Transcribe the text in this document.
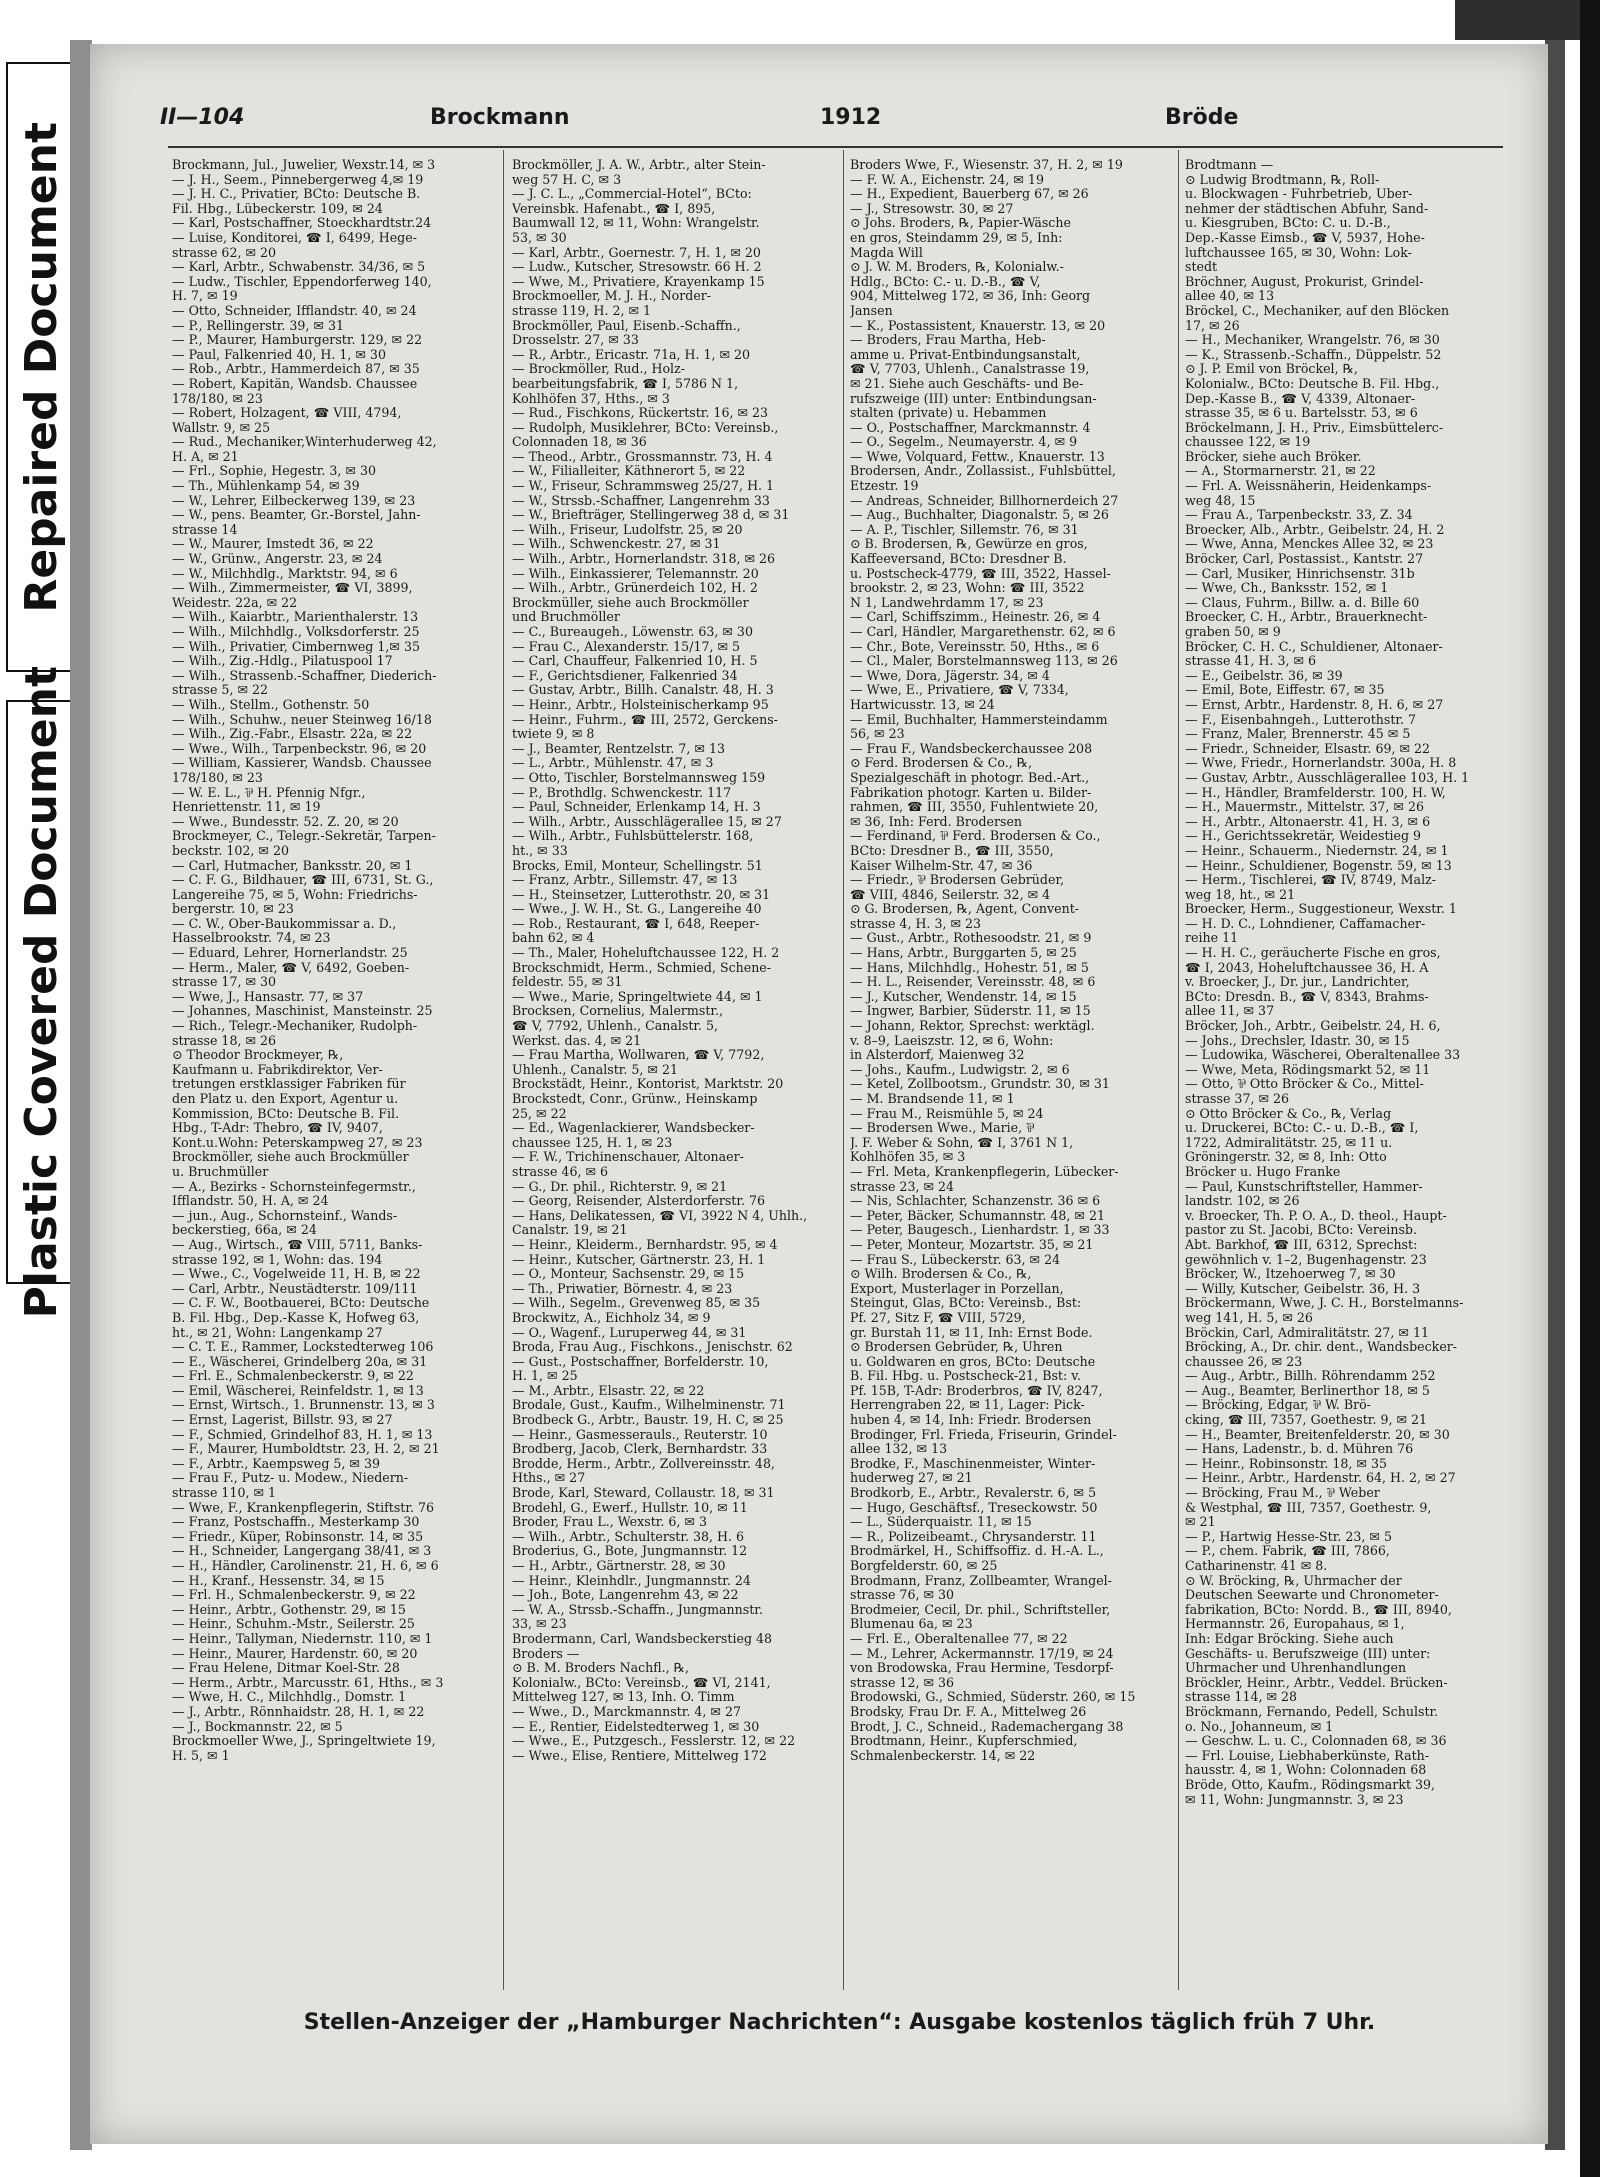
Repaired Document
Plastic Covered Document
II—104	Brockmann	1912	Bröde
Brockmann, Jul., Juwelier, Wexstr.14, ✉ 3
— J. H., Seem., Pinnebergerweg 4,✉ 19
— J. H. C., Privatier, BCto: Deutsche B.
Fil. Hbg., Lübeckerstr. 109, ✉ 24
— Karl, Postschaffner, Stoeckhardtstr.24
— Luise, Konditorei, ☎ I, 6499, Hege-
strasse 62, ✉ 20
— Karl, Arbtr., Schwabenstr. 34/36, ✉ 5
— Ludw., Tischler, Eppendorferweg 140,
H. 7, ✉ 19
— Otto, Schneider, Ifflandstr. 40, ✉ 24
— P., Rellingerstr. 39, ✉ 31
— P., Maurer, Hamburgerstr. 129, ✉ 22
— Paul, Falkenried 40, H. 1, ✉ 30
— Rob., Arbtr., Hammerdeich 87, ✉ 35
— Robert, Kapitän, Wandsb. Chaussee
178/180, ✉ 23
— Robert, Holzagent, ☎ VIII, 4794,
Wallstr. 9, ✉ 25
— Rud., Mechaniker,Winterhuderweg 42,
H. A, ✉ 21
— Frl., Sophie, Hegestr. 3, ✉ 30
— Th., Mühlenkamp 54, ✉ 39
— W., Lehrer, Eilbeckerweg 139, ✉ 23
— W., pens. Beamter, Gr.-Borstel, Jahn-
strasse 14
— W., Maurer, Imstedt 36, ✉ 22
— W., Grünw., Angerstr. 23, ✉ 24
— W., Milchhdlg., Marktstr. 94, ✉ 6
— Wilh., Zimmermeister, ☎ VI, 3899,
Weidestr. 22a, ✉ 22
— Wilh., Kaiarbtr., Marienthalerstr. 13
— Wilh., Milchhdlg., Volksdorferstr. 25
— Wilh., Privatier, Cimbernweg 1,✉ 35
— Wilh., Zig.-Hdlg., Pilatuspool 17
— Wilh., Strassenb.-Schaffner, Diederich-
strasse 5, ✉ 22
— Wilh., Stellm., Gothenstr. 50
— Wilh., Schuhw., neuer Steinweg 16/18
— Wilh., Zig.-Fabr., Elsastr. 22a, ✉ 22
— Wwe., Wilh., Tarpenbeckstr. 96, ✉ 20
— William, Kassierer, Wandsb. Chaussee
178/180, ✉ 23
— W. E. L., ⅌ H. Pfennig Nfgr.,
Henriettenstr. 11, ✉ 19
— Wwe., Bundesstr. 52. Z. 20, ✉ 20
Brockmeyer, C., Telegr.-Sekretär, Tarpen-
beckstr. 102, ✉ 20
— Carl, Hutmacher, Banksstr. 20, ✉ 1
— C. F. G., Bildhauer, ☎ III, 6731, St. G.,
Langereihe 75, ✉ 5, Wohn: Friedrichs-
bergerstr. 10, ✉ 23
— C. W., Ober-Baukommissar a. D.,
Hasselbrookstr. 74, ✉ 23
— Eduard, Lehrer, Hornerlandstr. 25
— Herm., Maler, ☎ V, 6492, Goeben-
strasse 17, ✉ 30
— Wwe, J., Hansastr. 77, ✉ 37
— Johannes, Maschinist, Mansteinstr. 25
— Rich., Telegr.-Mechaniker, Rudolph-
strasse 18, ✉ 26
⊙ Theodor Brockmeyer, ℞,
Kaufmann u. Fabrikdirektor, Ver-
tretungen erstklassiger Fabriken für
den Platz u. den Export, Agentur u.
Kommission, BCto: Deutsche B. Fil.
Hbg., T-Adr: Thebro, ☎ IV, 9407,
Kont.u.Wohn: Peterskampweg 27, ✉ 23
Brockmöller, siehe auch Brockmüller
u. Bruchmüller
— A., Bezirks - Schornsteinfegermstr.,
Ifflandstr. 50, H. A, ✉ 24
— jun., Aug., Schornsteinf., Wands-
beckerstieg, 66a, ✉ 24
— Aug., Wirtsch., ☎ VIII, 5711, Banks-
strasse 192, ✉ 1, Wohn: das. 194
— Wwe., C., Vogelweide 11, H. B, ✉ 22
— Carl, Arbtr., Neustädterstr. 109/111
— C. F. W., Bootbauerei, BCto: Deutsche
B. Fil. Hbg., Dep.-Kasse K, Hofweg 63,
ht., ✉ 21, Wohn: Langenkamp 27
— C. T. E., Rammer, Lockstedterweg 106
— E., Wäscherei, Grindelberg 20a, ✉ 31
— Frl. E., Schmalenbeckerstr. 9, ✉ 22
— Emil, Wäscherei, Reinfeldstr. 1, ✉ 13
— Ernst, Wirtsch., 1. Brunnenstr. 13, ✉ 3
— Ernst, Lagerist, Billstr. 93, ✉ 27
— F., Schmied, Grindelhof 83, H. 1, ✉ 13
— F., Maurer, Humboldtstr. 23, H. 2, ✉ 21
— F., Arbtr., Kaempsweg 5, ✉ 39
— Frau F., Putz- u. Modew., Niedern-
strasse 110, ✉ 1
— Wwe, F., Krankenpflegerin, Stiftstr. 76
— Franz, Postschaffn., Mesterkamp 30
— Friedr., Küper, Robinsonstr. 14, ✉ 35
— H., Schneider, Langergang 38/41, ✉ 3
— H., Händler, Carolinenstr. 21, H. 6, ✉ 6
— H., Kranf., Hessenstr. 34, ✉ 15
— Frl. H., Schmalenbeckerstr. 9, ✉ 22
— Heinr., Arbtr., Gothenstr. 29, ✉ 15
— Heinr., Schuhm.-Mstr., Seilerstr. 25
— Heinr., Tallyman, Niedernstr. 110, ✉ 1
— Heinr., Maurer, Hardenstr. 60, ✉ 20
— Frau Helene, Ditmar Koel-Str. 28
— Herm., Arbtr., Marcusstr. 61, Hths., ✉ 3
— Wwe, H. C., Milchhdlg., Domstr. 1
— J., Arbtr., Rönnhaidstr. 28, H. 1, ✉ 22
— J., Bockmannstr. 22, ✉ 5
Brockmoeller Wwe, J., Springeltwiete 19,
H. 5, ✉ 1
Brockmöller, J. A. W., Arbtr., alter Stein-
weg 57 H. C, ✉ 3
— J. C. L., „Commercial-Hotel“, BCto:
Vereinsbk. Hafenabt., ☎ I, 895,
Baumwall 12, ✉ 11, Wohn: Wrangelstr.
53, ✉ 30
— Karl, Arbtr., Goernestr. 7, H. 1, ✉ 20
— Ludw., Kutscher, Stresowstr. 66 H. 2
— Wwe, M., Privatiere, Krayenkamp 15
Brockmoeller, M. J. H., Norder-
strasse 119, H. 2, ✉ 1
Brockmöller, Paul, Eisenb.-Schaffn.,
Drosselstr. 27, ✉ 33
— R., Arbtr., Ericastr. 71a, H. 1, ✉ 20
— Brockmöller, Rud., Holz-
bearbeitungsfabrik, ☎ I, 5786 N 1,
Kohlhöfen 37, Hths., ✉ 3
— Rud., Fischkons, Rückertstr. 16, ✉ 23
— Rudolph, Musiklehrer, BCto: Vereinsb.,
Colonnaden 18, ✉ 36
— Theod., Arbtr., Grossmannstr. 73, H. 4
— W., Filialleiter, Käthnerort 5, ✉ 22
— W., Friseur, Schrammsweg 25/27, H. 1
— W., Strssb.-Schaffner, Langenrehm 33
— W., Briefträger, Stellingerweg 38 d, ✉ 31
— Wilh., Friseur, Ludolfstr. 25, ✉ 20
— Wilh., Schwenckestr. 27, ✉ 31
— Wilh., Arbtr., Hornerlandstr. 318, ✉ 26
— Wilh., Einkassierer, Telemannstr. 20
— Wilh., Arbtr., Grünerdeich 102, H. 2
Brockmüller, siehe auch Brockmöller
und Bruchmöller
— C., Bureaugeh., Löwenstr. 63, ✉ 30
— Frau C., Alexanderstr. 15/17, ✉ 5
— Carl, Chauffeur, Falkenried 10, H. 5
— F., Gerichtsdiener, Falkenried 34
— Gustav, Arbtr., Billh. Canalstr. 48, H. 3
— Heinr., Arbtr., Holsteinischerkamp 95
— Heinr., Fuhrm., ☎ III, 2572, Gerckens-
twiete 9, ✉ 8
— J., Beamter, Rentzelstr. 7, ✉ 13
— L., Arbtr., Mühlenstr. 47, ✉ 3
— Otto, Tischler, Borstelmannsweg 159
— P., Brothdlg. Schwenckestr. 117
— Paul, Schneider, Erlenkamp 14, H. 3
— Wilh., Arbtr., Ausschlägerallee 15, ✉ 27
— Wilh., Arbtr., Fuhlsbüttelerstr. 168,
ht., ✉ 33
Brocks, Emil, Monteur, Schellingstr. 51
— Franz, Arbtr., Sillemstr. 47, ✉ 13
— H., Steinsetzer, Lutterothstr. 20, ✉ 31
— Wwe., J. W. H., St. G., Langereihe 40
— Rob., Restaurant, ☎ I, 648, Reeper-
bahn 62, ✉ 4
— Th., Maler, Hoheluftchaussee 122, H. 2
Brockschmidt, Herm., Schmied, Schene-
feldestr. 55, ✉ 31
— Wwe., Marie, Springeltwiete 44, ✉ 1
Brocksen, Cornelius, Malermstr.,
☎ V, 7792, Uhlenh., Canalstr. 5,
Werkst. das. 4, ✉ 21
— Frau Martha, Wollwaren, ☎ V, 7792,
Uhlenh., Canalstr. 5, ✉ 21
Brockstädt, Heinr., Kontorist, Marktstr. 20
Brockstedt, Conr., Grünw., Heinskamp
25, ✉ 22
— Ed., Wagenlackierer, Wandsbecker-
chaussee 125, H. 1, ✉ 23
— F. W., Trichinenschauer, Altonaer-
strasse 46, ✉ 6
— G., Dr. phil., Richterstr. 9, ✉ 21
— Georg, Reisender, Alsterdorferstr. 76
— Hans, Delikatessen, ☎ VI, 3922 N 4, Uhlh.,
Canalstr. 19, ✉ 21
— Heinr., Kleiderm., Bernhardstr. 95, ✉ 4
— Heinr., Kutscher, Gärtnerstr. 23, H. 1
— O., Monteur, Sachsenstr. 29, ✉ 15
— Th., Priwatier, Börnestr. 4, ✉ 23
— Wilh., Segelm., Grevenweg 85, ✉ 35
Brockwitz, A., Eichholz 34, ✉ 9
— O., Wagenf., Luruperweg 44, ✉ 31
Broda, Frau Aug., Fischkons., Jenischstr. 62
— Gust., Postschaffner, Borfelderstr. 10,
H. 1, ✉ 25
— M., Arbtr., Elsastr. 22, ✉ 22
Brodale, Gust., Kaufm., Wilhelminenstr. 71
Brodbeck G., Arbtr., Baustr. 19, H. C, ✉ 25
— Heinr., Gasmesserauls., Reuterstr. 10
Brodberg, Jacob, Clerk, Bernhardstr. 33
Brodde, Herm., Arbtr., Zollvereinsstr. 48,
Hths., ✉ 27
Brode, Karl, Steward, Collaustr. 18, ✉ 31
Brodehl, G., Ewerf., Hullstr. 10, ✉ 11
Broder, Frau L., Wexstr. 6, ✉ 3
— Wilh., Arbtr., Schulterstr. 38, H. 6
Broderius, G., Bote, Jungmannstr. 12
— H., Arbtr., Gärtnerstr. 28, ✉ 30
— Heinr., Kleinhdlr., Jungmannstr. 24
— Joh., Bote, Langenrehm 43, ✉ 22
— W. A., Strssb.-Schaffn., Jungmannstr.
33, ✉ 23
Brodermann, Carl, Wandsbeckerstieg 48
Broders —
⊙ B. M. Broders Nachfl., ℞,
Kolonialw., BCto: Vereinsb., ☎ VI, 2141,
Mittelweg 127, ✉ 13, Inh. O. Timm
— Wwe., D., Marckmannstr. 4, ✉ 27
— E., Rentier, Eidelstedterweg 1, ✉ 30
— Wwe., E., Putzgesch., Fesslerstr. 12, ✉ 22
— Wwe., Elise, Rentiere, Mittelweg 172
Broders Wwe, F., Wiesenstr. 37, H. 2, ✉ 19
— F. W. A., Eichenstr. 24, ✉ 19
— H., Expedient, Bauerberg 67, ✉ 26
— J., Stresowstr. 30, ✉ 27
⊙ Johs. Broders, ℞, Papier-Wäsche
en gros, Steindamm 29, ✉ 5, Inh:
Magda Will
⊙ J. W. M. Broders, ℞, Kolonialw.-
Hdlg., BCto: C.- u. D.-B., ☎ V,
904, Mittelweg 172, ✉ 36, Inh: Georg
Jansen
— K., Postassistent, Knauerstr. 13, ✉ 20
— Broders, Frau Martha, Heb-
amme u. Privat-Entbindungsanstalt,
☎ V, 7703, Uhlenh., Canalstrasse 19,
✉ 21. Siehe auch Geschäfts- und Be-
rufszweige (III) unter: Entbindungsan-
stalten (private) u. Hebammen
— O., Postschaffner, Marckmannstr. 4
— O., Segelm., Neumayerstr. 4, ✉ 9
— Wwe, Volquard, Fettw., Knauerstr. 13
Brodersen, Andr., Zollassist., Fuhlsbüttel,
Etzestr. 19
— Andreas, Schneider, Billhornerdeich 27
— Aug., Buchhalter, Diagonalstr. 5, ✉ 26
— A. P., Tischler, Sillemstr. 76, ✉ 31
⊙ B. Brodersen, ℞, Gewürze en gros,
Kaffeeversand, BCto: Dresdner B.
u. Postscheck-4779, ☎ III, 3522, Hassel-
brookstr. 2, ✉ 23, Wohn: ☎ III, 3522
N 1, Landwehrdamm 17, ✉ 23
— Carl, Schiffszimm., Heinestr. 26, ✉ 4
— Carl, Händler, Margarethenstr. 62, ✉ 6
— Chr., Bote, Vereinsstr. 50, Hths., ✉ 6
— Cl., Maler, Borstelmannsweg 113, ✉ 26
— Wwe, Dora, Jägerstr. 34, ✉ 4
— Wwe, E., Privatiere, ☎ V, 7334,
Hartwicusstr. 13, ✉ 24
— Emil, Buchhalter, Hammersteindamm
56, ✉ 23
— Frau F., Wandsbeckerchaussee 208
⊙ Ferd. Brodersen & Co., ℞,
Spezialgeschäft in photogr. Bed.-Art.,
Fabrikation photogr. Karten u. Bilder-
rahmen, ☎ III, 3550, Fuhlentwiete 20,
✉ 36, Inh: Ferd. Brodersen
— Ferdinand, ⅌ Ferd. Brodersen & Co.,
BCto: Dresdner B., ☎ III, 3550,
Kaiser Wilhelm-Str. 47, ✉ 36
— Friedr., ⅌ Brodersen Gebrüder,
☎ VIII, 4846, Seilerstr. 32, ✉ 4
⊙ G. Brodersen, ℞, Agent, Convent-
strasse 4, H. 3, ✉ 23
— Gust., Arbtr., Rothesoodstr. 21, ✉ 9
— Hans, Arbtr., Burggarten 5, ✉ 25
— Hans, Milchhdlg., Hohestr. 51, ✉ 5
— H. L., Reisender, Vereinsstr. 48, ✉ 6
— J., Kutscher, Wendenstr. 14, ✉ 15
— Ingwer, Barbier, Süderstr. 11, ✉ 15
— Johann, Rektor, Sprechst: werktägl.
v. 8–9, Laeiszstr. 12, ✉ 6, Wohn:
in Alsterdorf, Maienweg 32
— Johs., Kaufm., Ludwigstr. 2, ✉ 6
— Ketel, Zollbootsm., Grundstr. 30, ✉ 31
— M. Brandsende 11, ✉ 1
— Frau M., Reismühle 5, ✉ 24
— Brodersen Wwe., Marie, ⅌
J. F. Weber & Sohn, ☎ I, 3761 N 1,
Kohlhöfen 35, ✉ 3
— Frl. Meta, Krankenpflegerin, Lübecker-
strasse 23, ✉ 24
— Nis, Schlachter, Schanzenstr. 36 ✉ 6
— Peter, Bäcker, Schumannstr. 48, ✉ 21
— Peter, Baugesch., Lienhardstr. 1, ✉ 33
— Peter, Monteur, Mozartstr. 35, ✉ 21
— Frau S., Lübeckerstr. 63, ✉ 24
⊙ Wilh. Brodersen & Co., ℞,
Export, Musterlager in Porzellan,
Steingut, Glas, BCto: Vereinsb., Bst:
Pf. 27, Sitz F, ☎ VIII, 5729,
gr. Burstah 11, ✉ 11, Inh: Ernst Bode.
⊙ Brodersen Gebrüder, ℞, Uhren
u. Goldwaren en gros, BCto: Deutsche
B. Fil. Hbg. u. Postscheck-21, Bst: v.
Pf. 15B, T-Adr: Broderbros, ☎ IV, 8247,
Herrengraben 22, ✉ 11, Lager: Pick-
huben 4, ✉ 14, Inh: Friedr. Brodersen
Brodinger, Frl. Frieda, Friseurin, Grindel-
allee 132, ✉ 13
Brodke, F., Maschinenmeister, Winter-
huderweg 27, ✉ 21
Brodkorb, E., Arbtr., Revalerstr. 6, ✉ 5
— Hugo, Geschäftsf., Treseckowstr. 50
— L., Süderquaistr. 11, ✉ 15
— R., Polizeibeamt., Chrysanderstr. 11
Brodmärkel, H., Schiffsoffiz. d. H.-A. L.,
Borgfelderstr. 60, ✉ 25
Brodmann, Franz, Zollbeamter, Wrangel-
strasse 76, ✉ 30
Brodmeier, Cecil, Dr. phil., Schriftsteller,
Blumenau 6a, ✉ 23
— Frl. E., Oberaltenallee 77, ✉ 22
— M., Lehrer, Ackermannstr. 17/19, ✉ 24
von Brodowska, Frau Hermine, Tesdorpf-
strasse 12, ✉ 36
Brodowski, G., Schmied, Süderstr. 260, ✉ 15
Brodsky, Frau Dr. F. A., Mittelweg 26
Brodt, J. C., Schneid., Rademachergang 38
Brodtmann, Heinr., Kupferschmied,
Schmalenbeckerstr. 14, ✉ 22
Brodtmann —
⊙ Ludwig Brodtmann, ℞, Roll-
u. Blockwagen - Fuhrbetrieb, Über-
nehmer der städtischen Abfuhr, Sand-
u. Kiesgruben, BCto: C. u. D.-B.,
Dep.-Kasse Eimsb., ☎ V, 5937, Hohe-
luftchaussee 165, ✉ 30, Wohn: Lok-
stedt
Bröchner, August, Prokurist, Grindel-
allee 40, ✉ 13
Bröckel, C., Mechaniker, auf den Blöcken
17, ✉ 26
— H., Mechaniker, Wrangelstr. 76, ✉ 30
— K., Strassenb.-Schaffn., Düppelstr. 52
⊙ J. P. Emil von Bröckel, ℞,
Kolonialw., BCto: Deutsche B. Fil. Hbg.,
Dep.-Kasse B., ☎ V, 4339, Altonaer-
strasse 35, ✉ 6 u. Bartelsstr. 53, ✉ 6
Bröckelmann, J. H., Priv., Eimsbüttelerc-
chaussee 122, ✉ 19
Bröcker, siehe auch Bröker.
— A., Stormarnerstr. 21, ✉ 22
— Frl. A. Weissnäherin, Heidenkamps-
weg 48, 15
— Frau A., Tarpenbeckstr. 33, Z. 34
Broecker, Alb., Arbtr., Geibelstr. 24, H. 2
— Wwe, Anna, Menckes Allee 32, ✉ 23
Bröcker, Carl, Postassist., Kantstr. 27
— Carl, Musiker, Hinrichsenstr. 31b
— Wwe, Ch., Banksstr. 152, ✉ 1
— Claus, Fuhrm., Billw. a. d. Bille 60
Broecker, C. H., Arbtr., Brauerknecht-
graben 50, ✉ 9
Bröcker, C. H. C., Schuldiener, Altonaer-
strasse 41, H. 3, ✉ 6
— E., Geibelstr. 36, ✉ 39
— Emil, Bote, Eiffestr. 67, ✉ 35
— Ernst, Arbtr., Hardenstr. 8, H. 6, ✉ 27
— F., Eisenbahngeh., Lutterothstr. 7
— Franz, Maler, Brennerstr. 45 ✉ 5
— Friedr., Schneider, Elsastr. 69, ✉ 22
— Wwe, Friedr., Hornerlandstr. 300a, H. 8
— Gustav, Arbtr., Ausschlägerallee 103, H. 1
— H., Händler, Bramfelderstr. 100, H. W,
— H., Mauermstr., Mittelstr. 37, ✉ 26
— H., Arbtr., Altonaerstr. 41, H. 3, ✉ 6
— H., Gerichtssekretär, Weidestieg 9
— Heinr., Schauerm., Niedernstr. 24, ✉ 1
— Heinr., Schuldiener, Bogenstr. 59, ✉ 13
— Herm., Tischlerei, ☎ IV, 8749, Malz-
weg 18, ht., ✉ 21
Broecker, Herm., Suggestioneur, Wexstr. 1
— H. D. C., Lohndiener, Caffamacher-
reihe 11
— H. H. C., geräucherte Fische en gros,
☎ I, 2043, Hoheluftchaussee 36, H. A
v. Broecker, J., Dr. jur., Landrichter,
BCto: Dresdn. B., ☎ V, 8343, Brahms-
allee 11, ✉ 37
Bröcker, Joh., Arbtr., Geibelstr. 24, H. 6,
— Johs., Drechsler, Idastr. 30, ✉ 15
— Ludowika, Wäscherei, Oberaltenallee 33
— Wwe, Meta, Rödingsmarkt 52, ✉ 11
— Otto, ⅌ Otto Bröcker & Co., Mittel-
strasse 37, ✉ 26
⊙ Otto Bröcker & Co., ℞, Verlag
u. Druckerei, BCto: C.- u. D.-B., ☎ I,
1722, Admiralitätstr. 25, ✉ 11 u.
Gröningerstr. 32, ✉ 8, Inh: Otto
Bröcker u. Hugo Franke
— Paul, Kunstschriftsteller, Hammer-
landstr. 102, ✉ 26
v. Broecker, Th. P. O. A., D. theol., Haupt-
pastor zu St. Jacobi, BCto: Vereinsb.
Abt. Barkhof, ☎ III, 6312, Sprechst:
gewöhnlich v. 1–2, Bugenhagenstr. 23
Bröcker, W., Itzehoerweg 7, ✉ 30
— Willy, Kutscher, Geibelstr. 36, H. 3
Bröckermann, Wwe, J. C. H., Borstelmanns-
weg 141, H. 5, ✉ 26
Bröckin, Carl, Admiralitätstr. 27, ✉ 11
Bröcking, A., Dr. chir. dent., Wandsbecker-
chaussee 26, ✉ 23
— Aug., Arbtr., Billh. Röhrendamm 252
— Aug., Beamter, Berlinerthor 18, ✉ 5
— Bröcking, Edgar, ⅌ W. Brö-
cking, ☎ III, 7357, Goethestr. 9, ✉ 21
— H., Beamter, Breitenfelderstr. 20, ✉ 30
— Hans, Ladenstr., b. d. Mühren 76
— Heinr., Robinsonstr. 18, ✉ 35
— Heinr., Arbtr., Hardenstr. 64, H. 2, ✉ 27
— Bröcking, Frau M., ⅌ Weber
& Westphal, ☎ III, 7357, Goethestr. 9,
✉ 21
— P., Hartwig Hesse-Str. 23, ✉ 5
— P., chem. Fabrik, ☎ III, 7866,
Catharinenstr. 41 ✉ 8.
⊙ W. Bröcking, ℞, Uhrmacher der
Deutschen Seewarte und Chronometer-
fabrikation, BCto: Nordd. B., ☎ III, 8940,
Hermannstr. 26, Europahaus, ✉ 1,
Inh: Edgar Bröcking. Siehe auch
Geschäfts- u. Berufszweige (III) unter:
Uhrmacher und Uhrenhandlungen
Bröckler, Heinr., Arbtr., Veddel. Brücken-
strasse 114, ✉ 28
Bröckmann, Fernando, Pedell, Schulstr.
o. No., Johanneum, ✉ 1
— Geschw. L. u. C., Colonnaden 68, ✉ 36
— Frl. Louise, Liebhaberkünste, Rath-
hausstr. 4, ✉ 1, Wohn: Colonnaden 68
Bröde, Otto, Kaufm., Rödingsmarkt 39,
✉ 11, Wohn: Jungmannstr. 3, ✉ 23
Stellen-Anzeiger der „Hamburger Nachrichten“: Ausgabe kostenlos täglich früh 7 Uhr.
